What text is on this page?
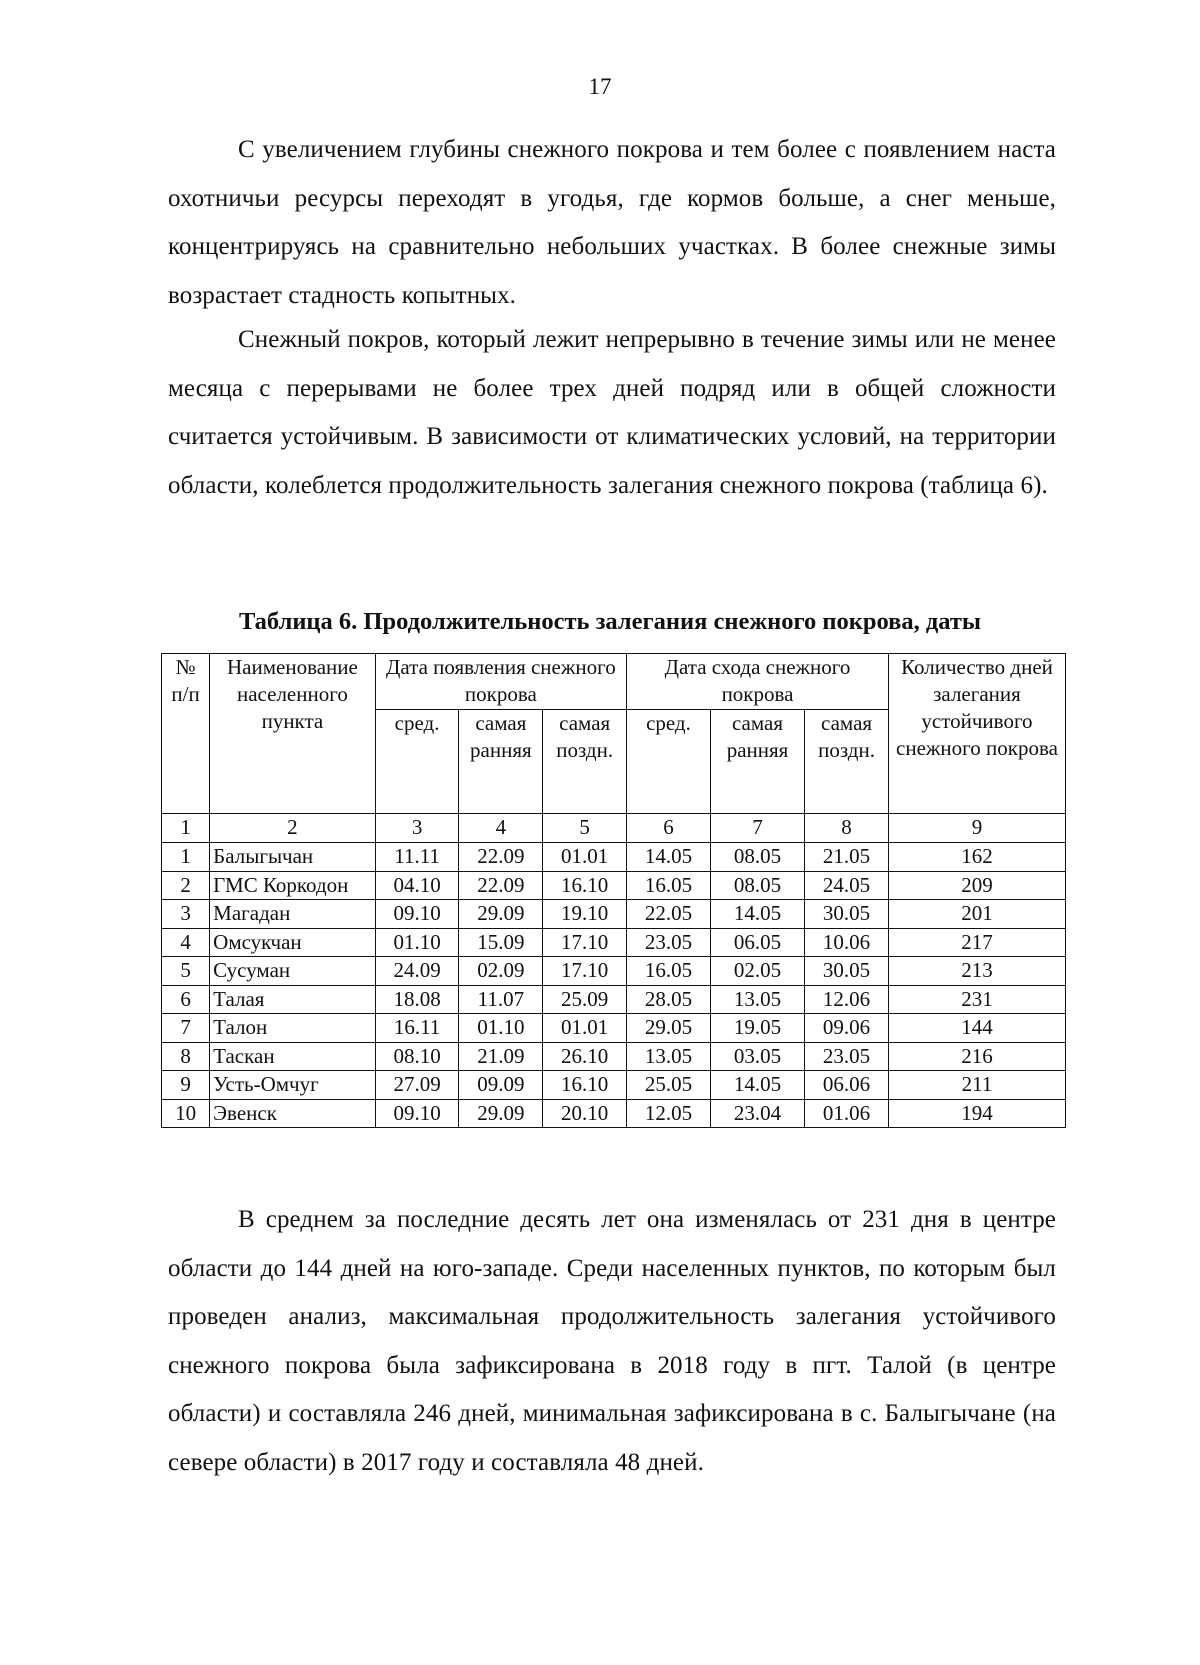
17

С увеличением глубины снежного покрова и тем более с появлением наста охотничьи ресурсы переходят в угодья, где кормов больше, а снег меньше, концентрируясь на сравнительно небольших участках. В более снежные зимы возрастает стадность копытных.

Снежный покров, который лежит непрерывно в течение зимы или не менее месяца с перерывами не более трех дней подряд или в общей сложности считается устойчивым. В зависимости от климатических условий, на территории области, колеблется продолжительность залегания снежного покрова (таблица 6).

Таблица 6. Продолжительность залегания снежного покрова, даты
№ п/п	Наименование населенного пункта	Дата появления снежного покрова			Дата схода снежного покрова			Количество дней залегания устойчивого снежного покрова
		сред.	самая ранняя	самая поздн.	сред.	самая ранняя	самая поздн.	
1	2	3	4	5	6	7	8	9
1	Балыгычан	11.11	22.09	01.01	14.05	08.05	21.05	162
2	ГМС Коркодон	04.10	22.09	16.10	16.05	08.05	24.05	209
3	Магадан	09.10	29.09	19.10	22.05	14.05	30.05	201
4	Омсукчан	01.10	15.09	17.10	23.05	06.05	10.06	217
5	Сусуман	24.09	02.09	17.10	16.05	02.05	30.05	213
6	Талая	18.08	11.07	25.09	28.05	13.05	12.06	231
7	Талон	16.11	01.10	01.01	29.05	19.05	09.06	144
8	Таскан	08.10	21.09	26.10	13.05	03.05	23.05	216
9	Усть-Омчуг	27.09	09.09	16.10	25.05	14.05	06.06	211
10	Эвенск	09.10	29.09	20.10	12.05	23.04	01.06	194

В среднем за последние десять лет она изменялась от 231 дня в центре области до 144 дней на юго-западе. Среди населенных пунктов, по которым был проведен анализ, максимальная продолжительность залегания устойчивого снежного покрова была зафиксирована в 2018 году в пгт. Талой (в центре области) и составляла 246 дней, минимальная зафиксирована в с. Балыгычане (на севере области) в 2017 году и составляла 48 дней.
